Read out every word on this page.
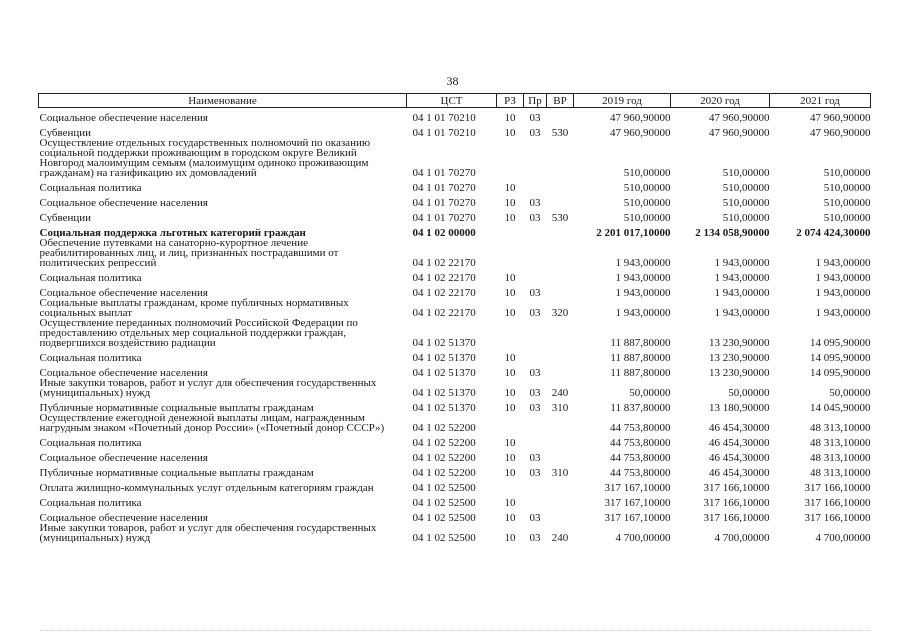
38
Наименование	ЦСТ	РЗ	Пр	ВР	2019 год	2020 год	2021 год
Социальное обеспечение населения	04 1 01 70210	10	03		47 960,90000	47 960,90000	47 960,90000
Субвенции	04 1 01 70210	10	03	530	47 960,90000	47 960,90000	47 960,90000
Осуществление отдельных государственных полномочий по оказанию социальной поддержки проживающим в городском округе Великий Новгород малоимущим семьям (малоимущим одиноко проживающим гражданам) на газификацию их домовладений	04 1 01 70270				510,00000	510,00000	510,00000
Социальная политика	04 1 01 70270	10			510,00000	510,00000	510,00000
Социальное обеспечение населения	04 1 01 70270	10	03		510,00000	510,00000	510,00000
Субвенции	04 1 01 70270	10	03	530	510,00000	510,00000	510,00000
Социальная поддержка льготных категорий граждан	04 1 02 00000				2 201 017,10000	2 134 058,90000	2 074 424,30000
Обеспечение путевками на санаторно-курортное лечение реабилитированных лиц, и лиц, признанных пострадавшими от политических репрессий	04 1 02 22170				1 943,00000	1 943,00000	1 943,00000
Социальная политика	04 1 02 22170	10			1 943,00000	1 943,00000	1 943,00000
Социальное обеспечение населения	04 1 02 22170	10	03		1 943,00000	1 943,00000	1 943,00000
Социальные выплаты гражданам, кроме публичных нормативных социальных выплат	04 1 02 22170	10	03	320	1 943,00000	1 943,00000	1 943,00000
Осуществление переданных полномочий Российской Федерации по предоставлению отдельных мер социальной поддержки граждан, подвергшихся воздействию радиации	04 1 02 51370				11 887,80000	13 230,90000	14 095,90000
Социальная политика	04 1 02 51370	10			11 887,80000	13 230,90000	14 095,90000
Социальное обеспечение населения	04 1 02 51370	10	03		11 887,80000	13 230,90000	14 095,90000
Иные закупки товаров, работ и услуг для обеспечения государственных (муниципальных) нужд	04 1 02 51370	10	03	240	50,00000	50,00000	50,00000
Публичные нормативные социальные выплаты гражданам	04 1 02 51370	10	03	310	11 837,80000	13 180,90000	14 045,90000
Осуществление ежегодной денежной выплаты лицам, награжденным нагрудным знаком «Почетный донор России» («Почетный донор СССР»)	04 1 02 52200				44 753,80000	46 454,30000	48 313,10000
Социальная политика	04 1 02 52200	10			44 753,80000	46 454,30000	48 313,10000
Социальное обеспечение населения	04 1 02 52200	10	03		44 753,80000	46 454,30000	48 313,10000
Публичные нормативные социальные выплаты гражданам	04 1 02 52200	10	03	310	44 753,80000	46 454,30000	48 313,10000
Оплата жилищно-коммунальных услуг отдельным категориям граждан	04 1 02 52500				317 167,10000	317 166,10000	317 166,10000
Социальная политика	04 1 02 52500	10			317 167,10000	317 166,10000	317 166,10000
Социальное обеспечение населения	04 1 02 52500	10	03		317 167,10000	317 166,10000	317 166,10000
Иные закупки товаров, работ и услуг для обеспечения государственных (муниципальных) нужд	04 1 02 52500	10	03	240	4 700,00000	4 700,00000	4 700,00000
